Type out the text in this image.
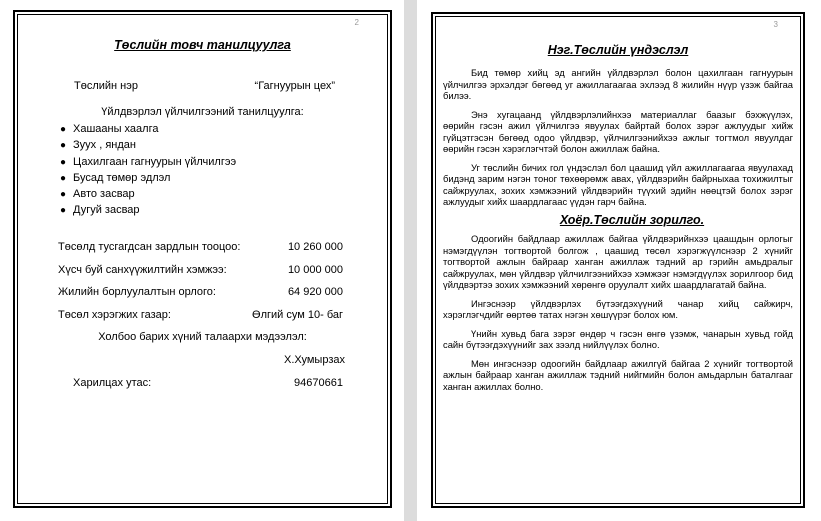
2
Төслийн товч танилцуулга
Төслийн нэр	“Гагнуурын цех”
Үйлдвэрлэл үйлчилгээний танилцуулга:
● Хашааны хаалга
● Зуух , яндан
● Цахилгаан гагнуурын үйлчилгээ
● Бусад төмөр эдлэл
● Авто засвар
● Дугуй засвар
Төсөлд тусгагдсан зардлын тооцоо:	10 260 000
Хүсч буй санхүүжилтийн хэмжээ:	10 000 000
Жилийн борлуулалтын орлого:	64 920 000
Төсөл хэрэгжих газар:	Өлгий сум 10- баг
Холбоо барих хүний талаархи мэдээлэл:
Х.Хумырзах
Харилцах утас:	94670661
3
Нэг.Төслийн үндэслэл

Бид төмөр хийц эд ангийн үйлдвэрлэл болон цахилгаан гагнуурын үйлчилгээ эрхэлдэг бөгөөд уг ажиллагаагаа эхлээд 8 жилийн нүүр үзэж байгаа билээ.

Энэ хугацаанд үйлдвэрлэлийнхээ материаллаг баазыг бэхжүүлэх, өөрийн гэсэн ажил үйлчилгээ явуулах байртай болох зэрэг ажлуудыг хийж гүйцэтгэсэн бөгөөд одоо үйлдвэр, үйлчилгээнийхээ ажлыг тогтмол явуулдаг өөрийн гэсэн хэрэглэгчтэй болон ажиллаж байна.

Уг төслийн бичих гол үндэслэл бол цаашид үйл ажиллагаагаа явуулахад бидэнд зарим нэгэн тоног төхөөрөмж авах, үйлдвэрийн байрныхаа тохижилтыг сайжруулах, зохих хэмжээний үйлдвэрийн түүхий эдийн нөөцтэй болох зэрэг ажлуудыг хийх шаардлагаас үүдэн гарч байна.

Хоёр.Төслийн зорилго.

Одоогийн байдлаар ажиллаж байгаа үйлдвэрийнхээ цаашдын орлогыг нэмэгдүүлэн тогтвортой болгож , цаашид төсөл хэрэгжүүлснээр 2 хүнийг тогтвортой ажлын байраар ханган ажиллаж тэдний ар гэрийн амьдралыг сайжруулах, мөн үйлдвэр үйлчилгээнийхээ хэмжээг нэмэгдүүлэх зорилгоор бид үйлдвэртээ зохих хэмжээний хөрөнгө оруулалт хийх шаардлагатай байна.

Ингэснээр үйлдвэрлэх бүтээгдэхүүний чанар хийц сайжирч, хэрэглэгчдийг өөртөө татах нэгэн хөшүүрэг болох юм.

Үнийн хувьд бага зэрэг өндөр ч гэсэн өнгө үзэмж, чанарын хувьд гойд сайн бүтээгдэхүүнийг зах зээлд нийлүүлэх болно.

Мөн ингэснээр одоогийн байдлаар ажилгүй байгаа 2 хүнийг тогтвортой ажлын байраар ханган ажиллаж тэдний нийгмийн болон амьдарлын баталгааг ханган ажиллах болно.
